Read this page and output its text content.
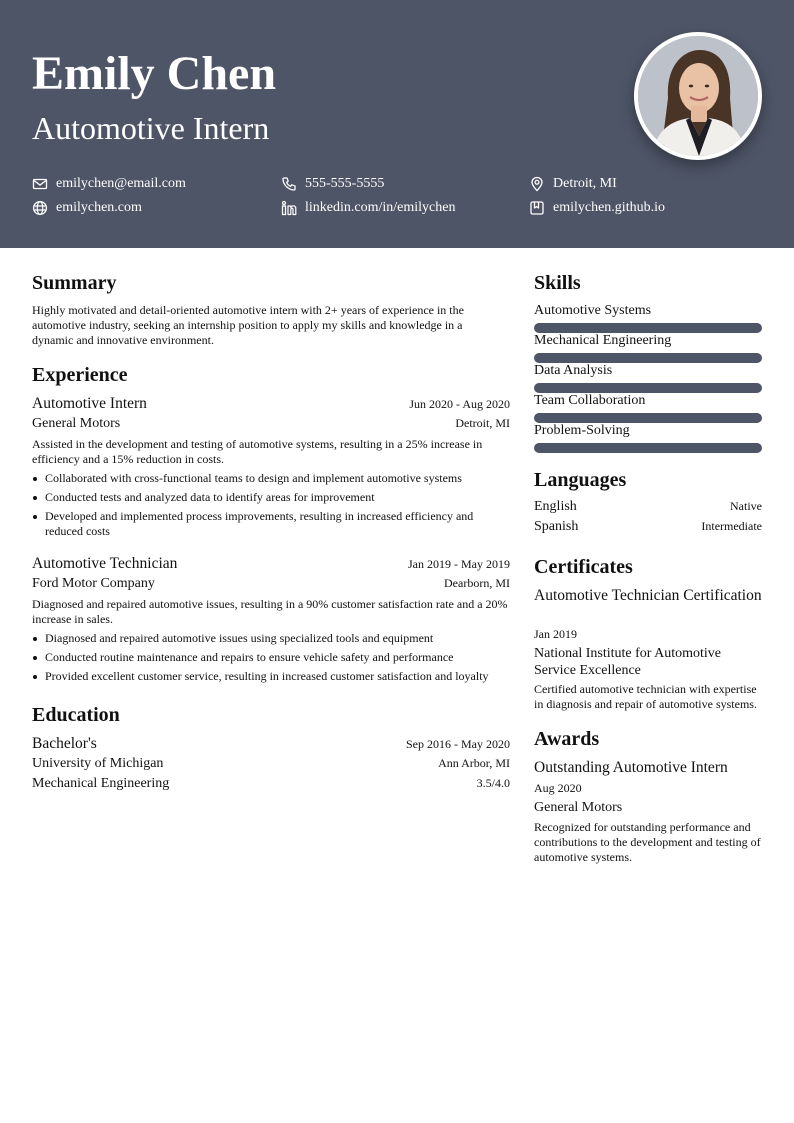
Emily Chen
Automotive Intern
emilychen@email.com	555-555-5555	Detroit, MI
emilychen.com	linkedin.com/in/emilychen	emilychen.github.io
Summary
Highly motivated and detail-oriented automotive intern with 2+ years of experience in the automotive industry, seeking an internship position to apply my skills and knowledge in a dynamic and innovative environment.
Experience
Automotive Intern	Jun 2020 - Aug 2020
General Motors	Detroit, MI
Assisted in the development and testing of automotive systems, resulting in a 25% increase in efficiency and a 15% reduction in costs.
Collaborated with cross-functional teams to design and implement automotive systems
Conducted tests and analyzed data to identify areas for improvement
Developed and implemented process improvements, resulting in increased efficiency and reduced costs
Automotive Technician	Jan 2019 - May 2019
Ford Motor Company	Dearborn, MI
Diagnosed and repaired automotive issues, resulting in a 90% customer satisfaction rate and a 20% increase in sales.
Diagnosed and repaired automotive issues using specialized tools and equipment
Conducted routine maintenance and repairs to ensure vehicle safety and performance
Provided excellent customer service, resulting in increased customer satisfaction and loyalty
Education
Bachelor's	Sep 2016 - May 2020
University of Michigan	Ann Arbor, MI
Mechanical Engineering	3.5/4.0
Skills
Automotive Systems
Mechanical Engineering
Data Analysis
Team Collaboration
Problem-Solving
Languages
English	Native
Spanish	Intermediate
Certificates
Automotive Technician Certification
Jan 2019
National Institute for Automotive Service Excellence
Certified automotive technician with expertise in diagnosis and repair of automotive systems.
Awards
Outstanding Automotive Intern
Aug 2020
General Motors
Recognized for outstanding performance and contributions to the development and testing of automotive systems.
